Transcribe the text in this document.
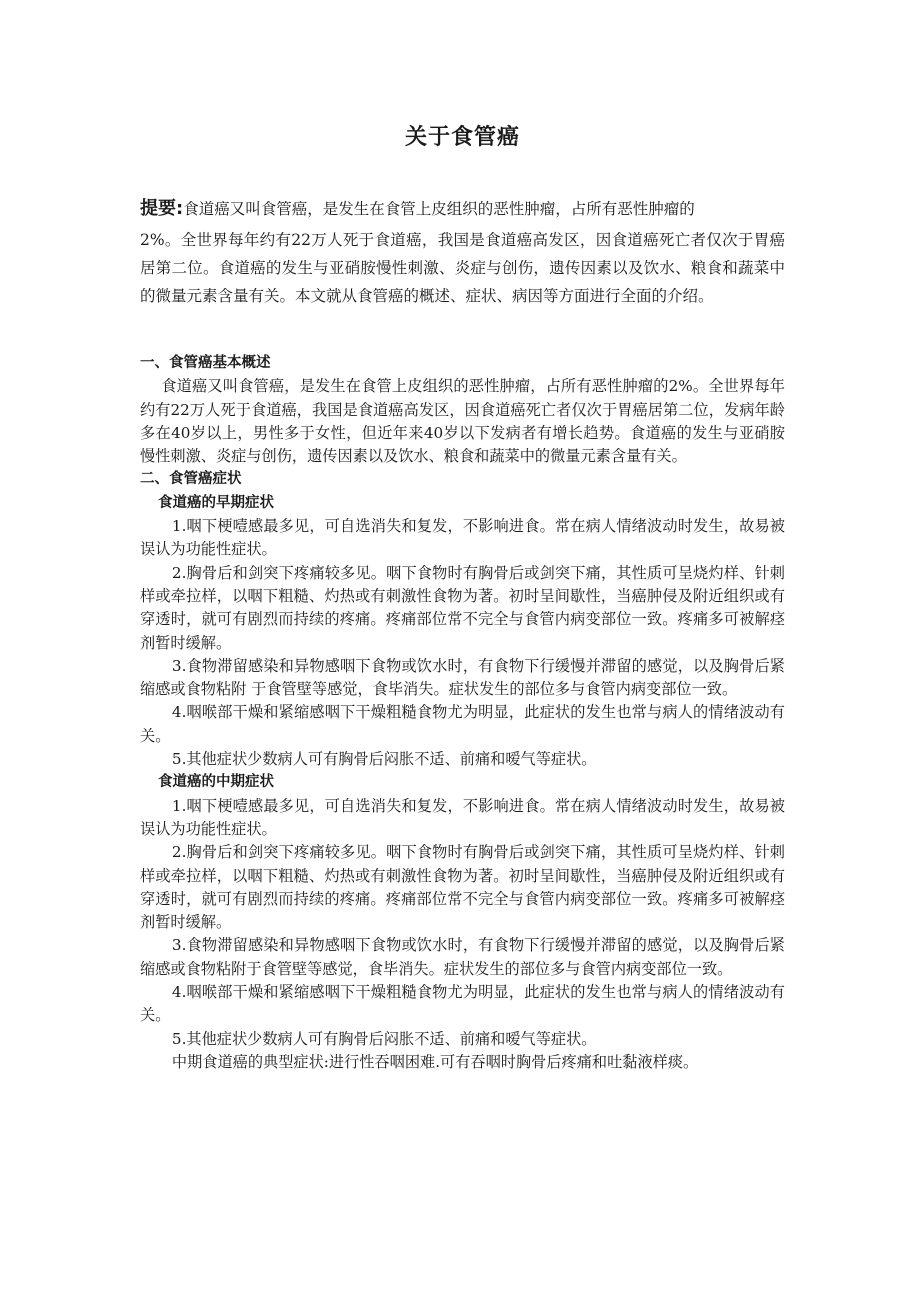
关于食管癌

提要:食道癌又叫食管癌，是发生在食管上皮组织的恶性肿瘤，占所有恶性肿瘤的
2%。全世界每年约有22万人死于食道癌，我国是食道癌高发区，因食道癌死亡者仅次于胃癌居第二位。食道癌的发生与亚硝胺慢性刺激、炎症与创伤，遗传因素以及饮水、粮食和蔬菜中的微量元素含量有关。本文就从食管癌的概述、症状、病因等方面进行全面的介绍。

一、食管癌基本概述

食道癌又叫食管癌，是发生在食管上皮组织的恶性肿瘤，占所有恶性肿瘤的2%。全世界每年约有22万人死于食道癌，我国是食道癌高发区，因食道癌死亡者仅次于胃癌居第二位，发病年龄多在40岁以上，男性多于女性，但近年来40岁以下发病者有增长趋势。食道癌的发生与亚硝胺慢性刺激、炎症与创伤，遗传因素以及饮水、粮食和蔬菜中的微量元素含量有关。

二、食管癌症状
食道癌的早期症状

1.咽下梗噎感最多见，可自选消失和复发，不影响进食。常在病人情绪波动时发生，故易被误认为功能性症状。

2.胸骨后和剑突下疼痛较多见。咽下食物时有胸骨后或剑突下痛，其性质可呈烧灼样、针刺样或牵拉样，以咽下粗糙、灼热或有刺激性食物为著。初时呈间歇性，当癌肿侵及附近组织或有穿透时，就可有剧烈而持续的疼痛。疼痛部位常不完全与食管内病变部位一致。疼痛多可被解痉剂暂时缓解。

3.食物滞留感染和异物感咽下食物或饮水时，有食物下行缓慢并滞留的感觉，以及胸骨后紧缩感或食物粘附 于食管壁等感觉，食毕消失。症状发生的部位多与食管内病变部位一致。

4.咽喉部干燥和紧缩感咽下干燥粗糙食物尤为明显，此症状的发生也常与病人的情绪波动有关。

5.其他症状少数病人可有胸骨后闷胀不适、前痛和嗳气等症状。

食道癌的中期症状

1.咽下梗噎感最多见，可自选消失和复发，不影响进食。常在病人情绪波动时发生，故易被误认为功能性症状。

2.胸骨后和剑突下疼痛较多见。咽下食物时有胸骨后或剑突下痛，其性质可呈烧灼样、针刺样或牵拉样，以咽下粗糙、灼热或有刺激性食物为著。初时呈间歇性，当癌肿侵及附近组织或有穿透时，就可有剧烈而持续的疼痛。疼痛部位常不完全与食管内病变部位一致。疼痛多可被解痉剂暂时缓解。

3.食物滞留感染和异物感咽下食物或饮水时，有食物下行缓慢并滞留的感觉，以及胸骨后紧缩感或食物粘附于食管壁等感觉，食毕消失。症状发生的部位多与食管内病变部位一致。

4.咽喉部干燥和紧缩感咽下干燥粗糙食物尤为明显，此症状的发生也常与病人的情绪波动有关。

5.其他症状少数病人可有胸骨后闷胀不适、前痛和嗳气等症状。

中期食道癌的典型症状:进行性吞咽困难.可有吞咽时胸骨后疼痛和吐黏液样痰。
